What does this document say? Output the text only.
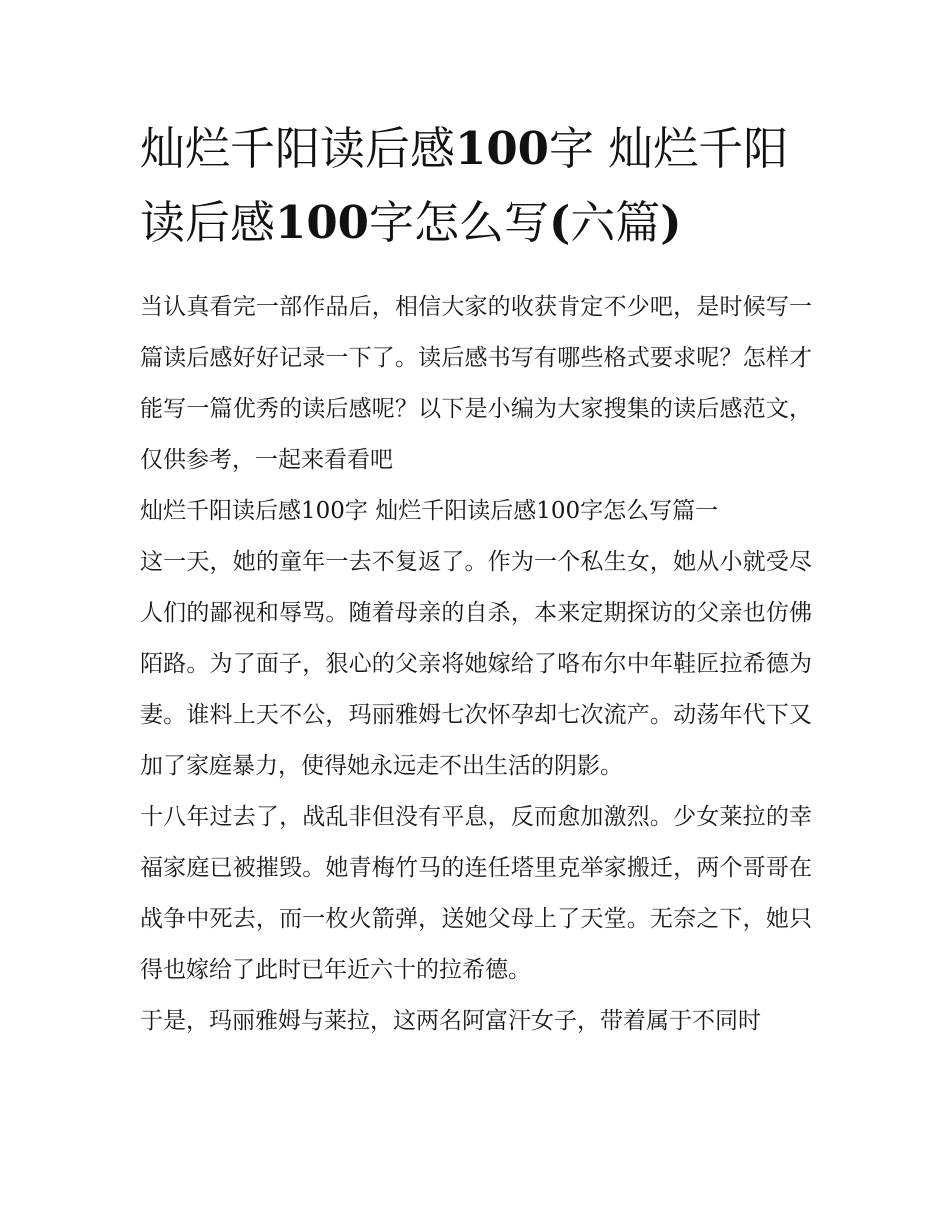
灿烂千阳读后感100字 灿烂千阳读后感100字怎么写(六篇)

当认真看完一部作品后，相信大家的收获肯定不少吧，是时候写一篇读后感好好记录一下了。读后感书写有哪些格式要求呢？怎样才能写一篇优秀的读后感呢？以下是小编为大家搜集的读后感范文，仅供参考，一起来看看吧

灿烂千阳读后感100字 灿烂千阳读后感100字怎么写篇一

这一天，她的童年一去不复返了。作为一个私生女，她从小就受尽人们的鄙视和辱骂。随着母亲的自杀，本来定期探访的父亲也仿佛陌路。为了面子，狠心的父亲将她嫁给了咯布尔中年鞋匠拉希德为妻。谁料上天不公，玛丽雅姆七次怀孕却七次流产。动荡年代下又加了家庭暴力，使得她永远走不出生活的阴影。

十八年过去了，战乱非但没有平息，反而愈加激烈。少女莱拉的幸福家庭已被摧毁。她青梅竹马的连任塔里克举家搬迁，两个哥哥在战争中死去，而一枚火箭弹，送她父母上了天堂。无奈之下，她只得也嫁给了此时已年近六十的拉希德。

于是，玛丽雅姆与莱拉，这两名阿富汗女子，带着属于不同时
